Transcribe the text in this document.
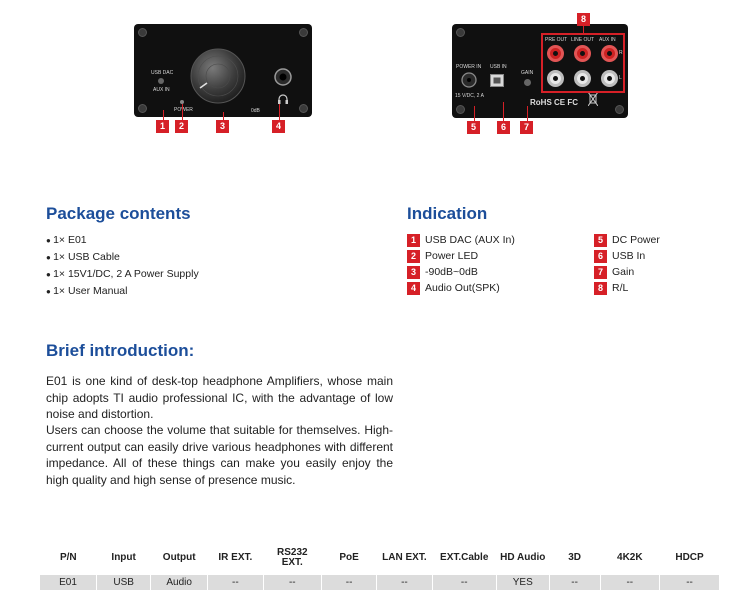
USB DAC
AUX IN
POWER	0dB
1	2	3	4
POWER IN
15 V/DC, 2 A
USB IN
GAIN
RoHS CE FC
PRE OUT LINE OUT AUX IN
R
L
8
5	6	7
Package contents
● 1× E01
● 1× USB Cable
● 1× 15V1/DC, 2 A Power Supply
● 1× User Manual
Indication
1 USB DAC (AUX In)
2 Power LED
3 -90dB~0dB
4 Audio Out(SPK)
5 DC Power
6 USB In
7 Gain
8 R/L
Brief introduction:

E01 is one kind of desk-top headphone Amplifiers, whose main chip adopts TI audio professional IC, with the advantage of low noise and distortion.

Users can choose the volume that suitable for themselves. High-current output can easily drive various headphones with different impedance. All of these things can make you easily enjoy the high quality and high sense of presence music.

P/N	Input	Output	IR EXT.	RS232 EXT.	PoE	LAN EXT.	EXT.Cable	HD Audio	3D	4K2K	HDCP
E01	USB	Audio	--	--	--	--	--	YES	--	--	--
